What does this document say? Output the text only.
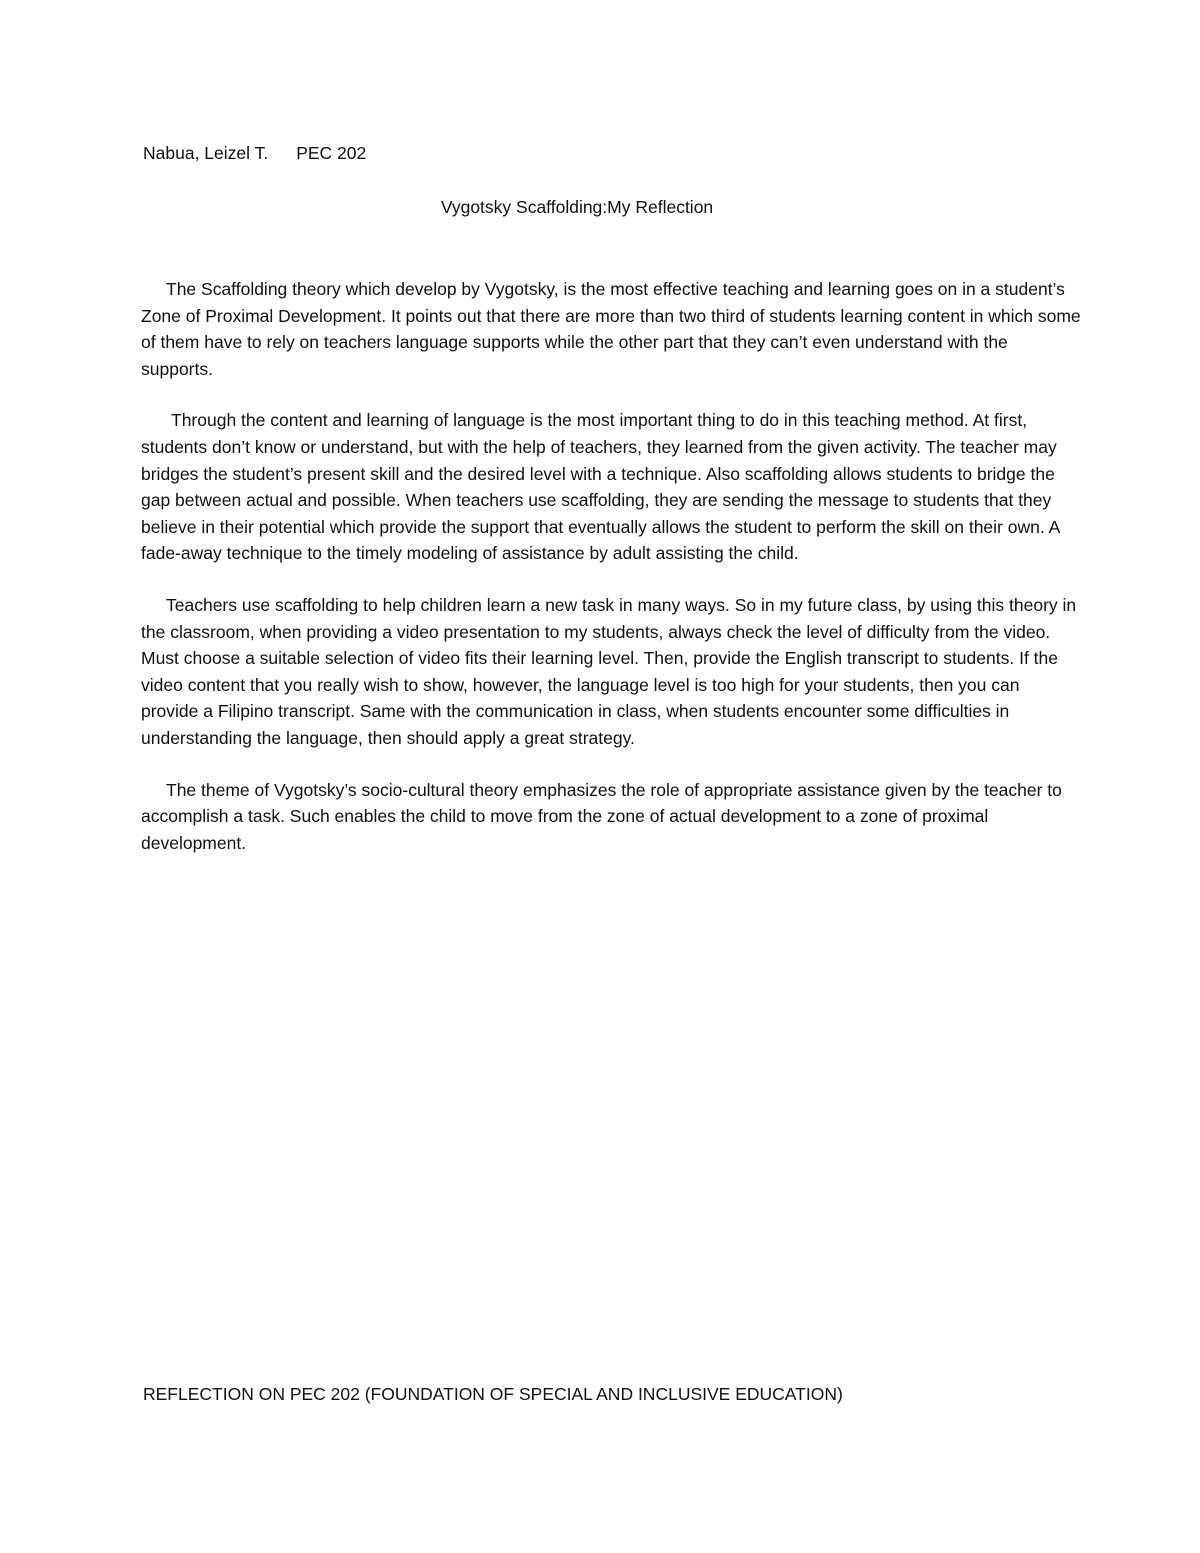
Nabua, Leizel T. PEC 202
Vygotsky Scaffolding:My Reflection

The Scaffolding theory which develop by Vygotsky, is the most effective teaching and learning goes on in a student’s Zone of Proximal Development. It points out that there are more than two third of students learning content in which some of them have to rely on teachers language supports while the other part that they can’t even understand with the supports.

Through the content and learning of language is the most important thing to do in this teaching method. At first, students don’t know or understand, but with the help of teachers, they learned from the given activity. The teacher may bridges the student’s present skill and the desired level with a technique. Also scaffolding allows students to bridge the gap between actual and possible. When teachers use scaffolding, they are sending the message to students that they believe in their potential which provide the support that eventually allows the student to perform the skill on their own. A fade-away technique to the timely modeling of assistance by adult assisting the child.

Teachers use scaffolding to help children learn a new task in many ways. So in my future class, by using this theory in the classroom, when providing a video presentation to my students, always check the level of difficulty from the video. Must choose a suitable selection of video fits their learning level. Then, provide the English transcript to students. If the video content that you really wish to show, however, the language level is too high for your students, then you can provide a Filipino transcript. Same with the communication in class, when students encounter some difficulties in understanding the language, then should apply a great strategy.

The theme of Vygotsky’s socio-cultural theory emphasizes the role of appropriate assistance given by the teacher to accomplish a task. Such enables the child to move from the zone of actual development to a zone of proximal development.

REFLECTION ON PEC 202 (FOUNDATION OF SPECIAL AND INCLUSIVE EDUCATION)
